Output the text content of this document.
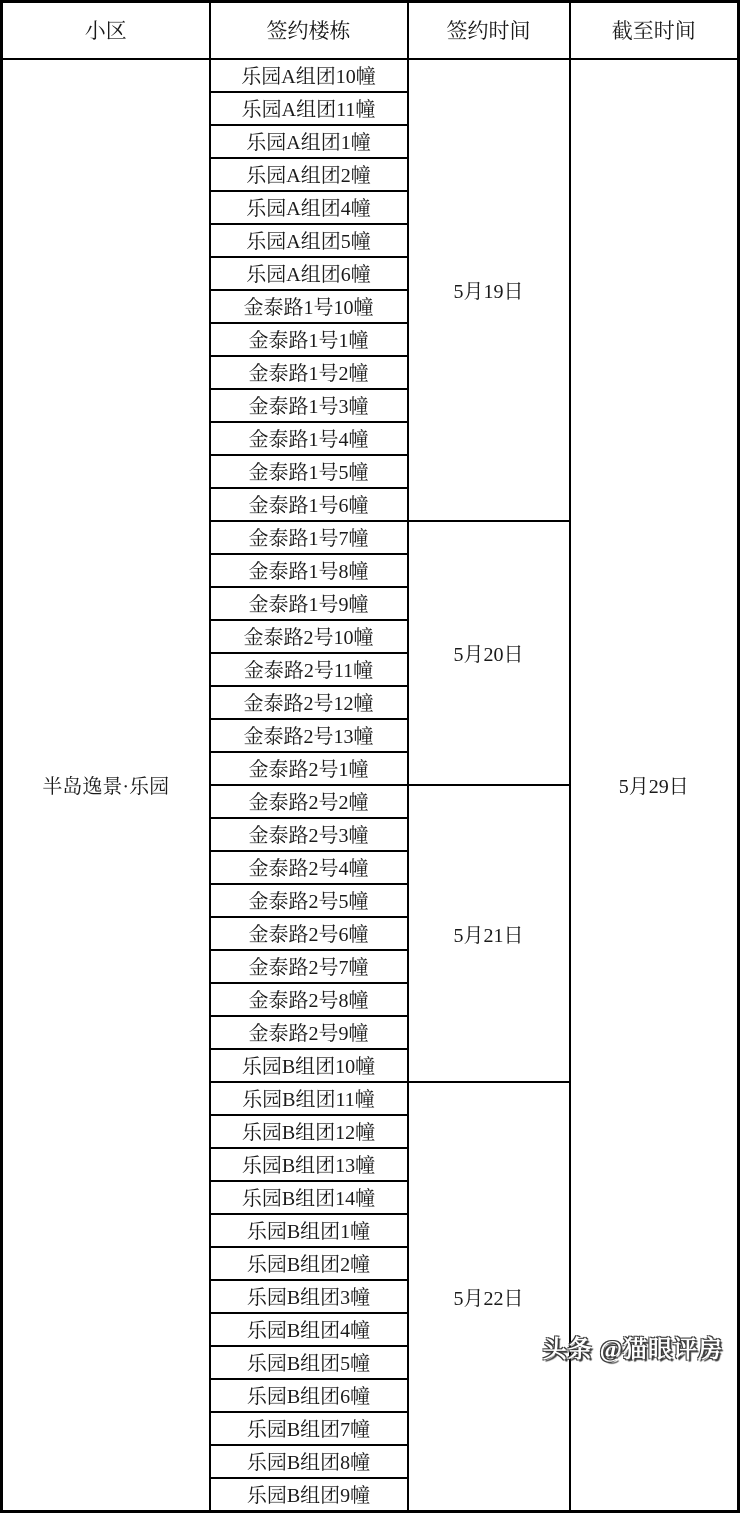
小区	签约楼栋	签约时间	截至时间
半岛逸景·乐园	乐园A组团10幢	5月19日	5月29日
	乐园A组团11幢		
	乐园A组团1幢		
	乐园A组团2幢		
	乐园A组团4幢		
	乐园A组团5幢		
	乐园A组团6幢		
	金泰路1号10幢		
	金泰路1号1幢		
	金泰路1号2幢		
	金泰路1号3幢		
	金泰路1号4幢		
	金泰路1号5幢		
	金泰路1号6幢		
	金泰路1号7幢	5月20日	
	金泰路1号8幢		
	金泰路1号9幢		
	金泰路2号10幢		
	金泰路2号11幢		
	金泰路2号12幢		
	金泰路2号13幢		
	金泰路2号1幢		
	金泰路2号2幢	5月21日	
	金泰路2号3幢		
	金泰路2号4幢		
	金泰路2号5幢		
	金泰路2号6幢		
	金泰路2号7幢		
	金泰路2号8幢		
	金泰路2号9幢		
	乐园B组团10幢		
	乐园B组团11幢	5月22日	
	乐园B组团12幢		
	乐园B组团13幢		
	乐园B组团14幢		
	乐园B组团1幢		
	乐园B组团2幢		
	乐园B组团3幢		
	乐园B组团4幢		
	乐园B组团5幢		
	乐园B组团6幢		
	乐园B组团7幢		
	乐园B组团8幢		
	乐园B组团9幢		
头条 @猫眼评房
